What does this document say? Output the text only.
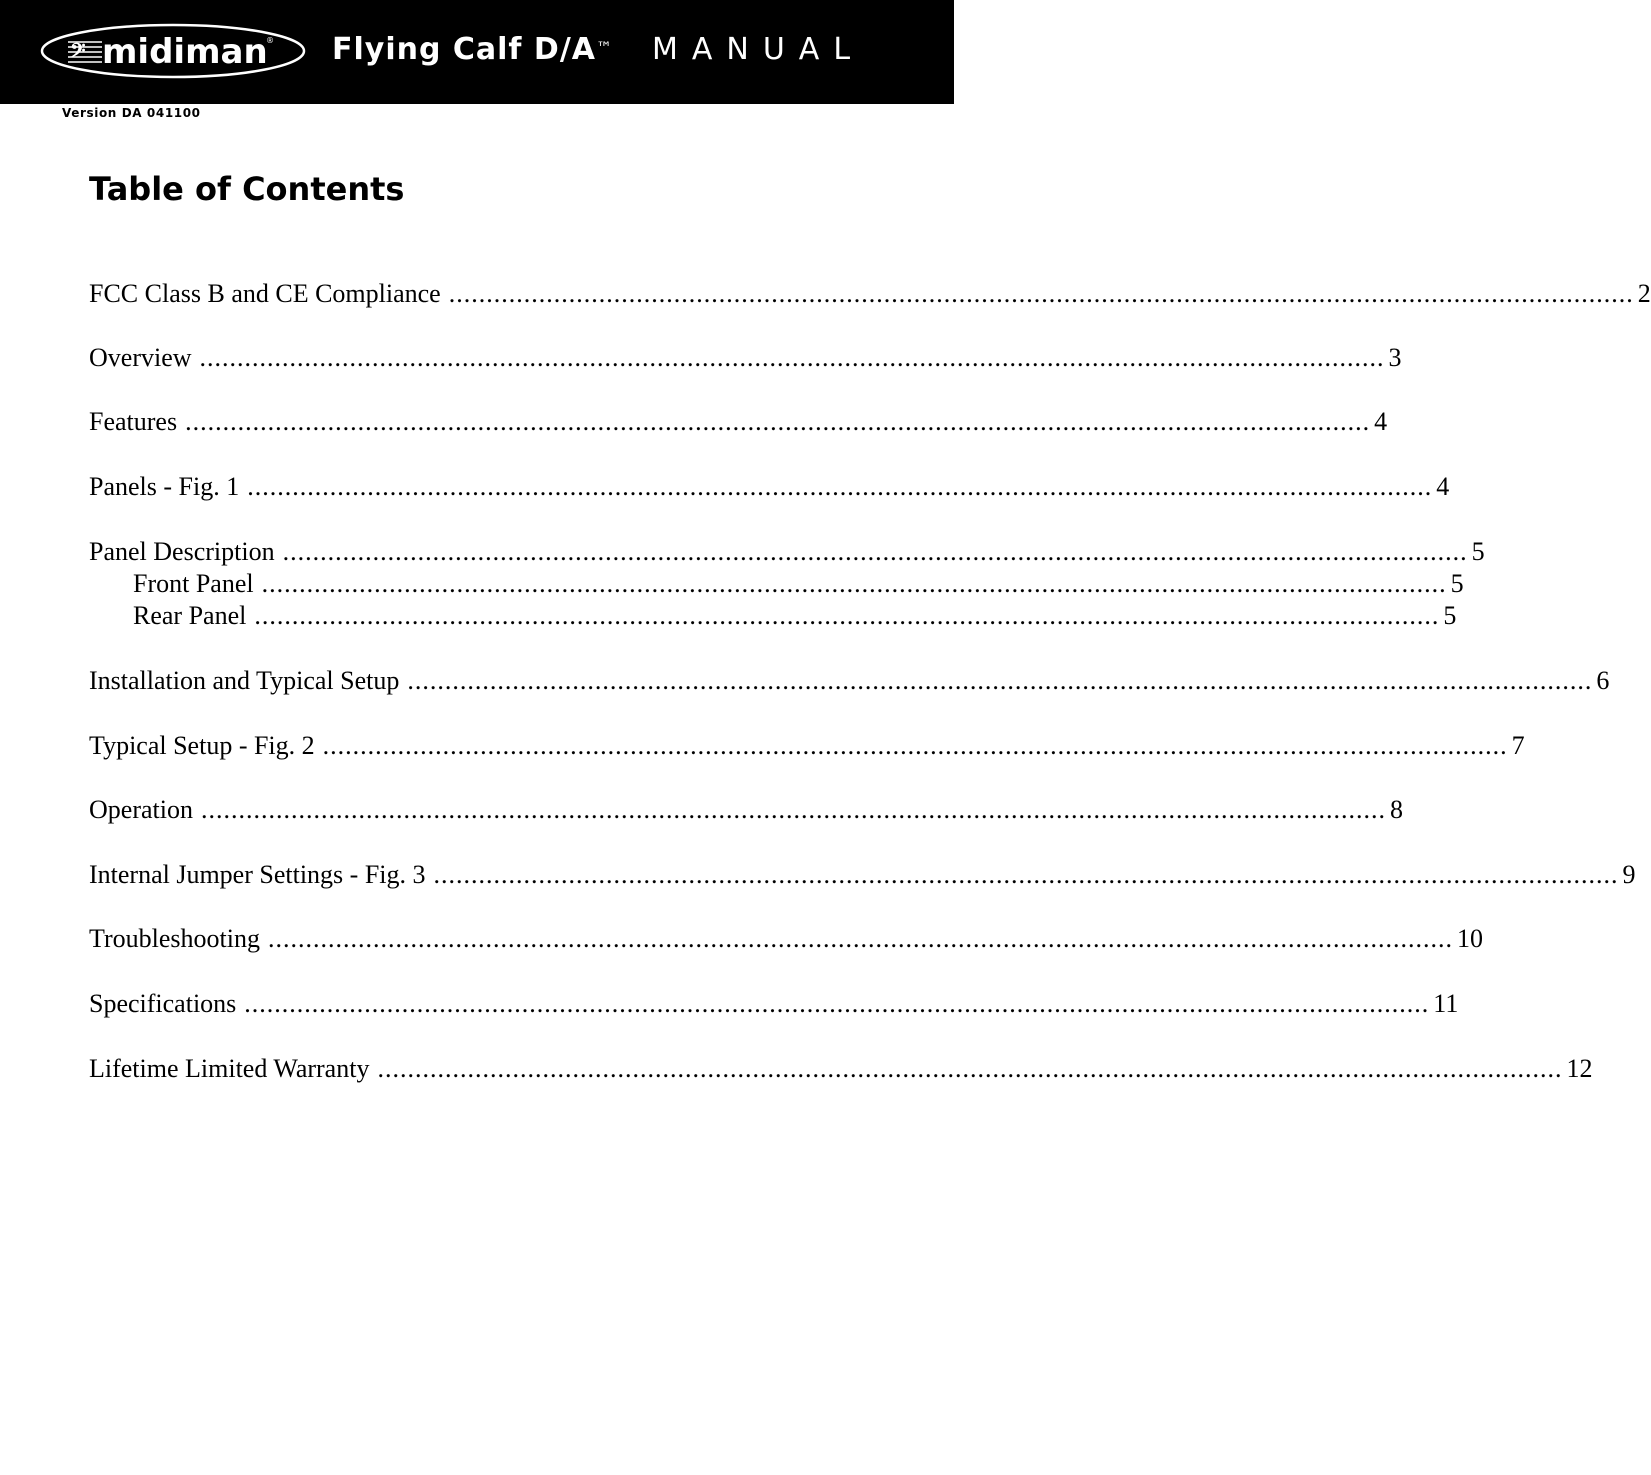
𝄢 midiman
® Flying Calf D/A™ MANUAL
Version DA 041100
Table of Contents
FCC Class B and CE Compliance .............................................................................................................................................................. 2
Overview .............................................................................................................................................................. 3
Features .............................................................................................................................................................. 4
Panels - Fig. 1 .............................................................................................................................................................. 4
Panel Description .............................................................................................................................................................. 5
Front Panel .............................................................................................................................................................. 5
Rear Panel .............................................................................................................................................................. 5
Installation and Typical Setup .............................................................................................................................................................. 6
Typical Setup - Fig. 2 .............................................................................................................................................................. 7
Operation .............................................................................................................................................................. 8
Internal Jumper Settings - Fig. 3 .............................................................................................................................................................. 9
Troubleshooting .............................................................................................................................................................. 10
Specifications .............................................................................................................................................................. 11
Lifetime Limited Warranty .............................................................................................................................................................. 12
